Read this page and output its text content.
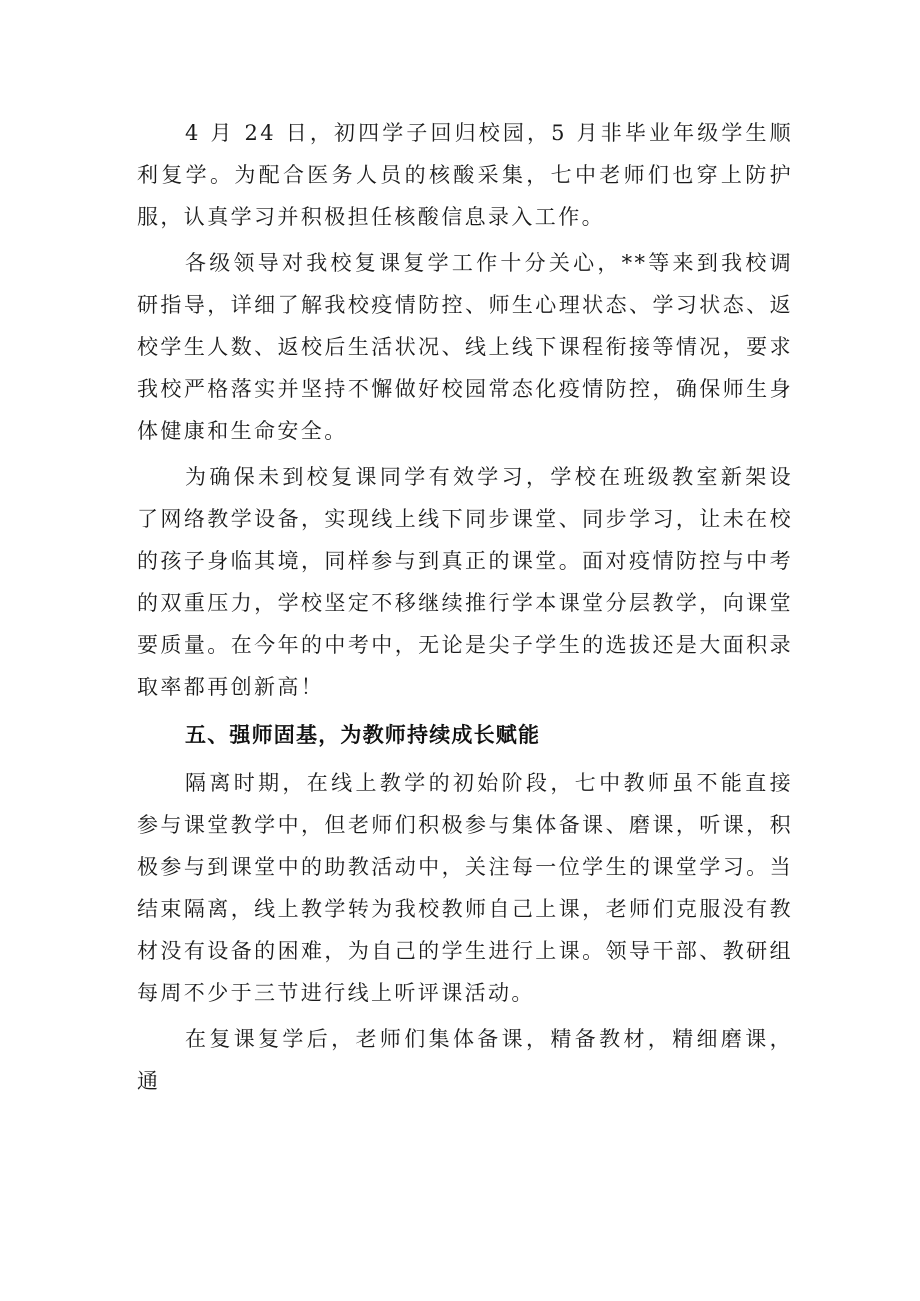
4 月 24 日，初四学子回归校园，5 月非毕业年级学生顺利复学。为配合医务人员的核酸采集，七中老师们也穿上防护服，认真学习并积极担任核酸信息录入工作。

各级领导对我校复课复学工作十分关心，**等来到我校调研指导，详细了解我校疫情防控、师生心理状态、学习状态、返校学生人数、返校后生活状况、线上线下课程衔接等情况，要求我校严格落实并坚持不懈做好校园常态化疫情防控，确保师生身体健康和生命安全。

为确保未到校复课同学有效学习，学校在班级教室新架设了网络教学设备，实现线上线下同步课堂、同步学习，让未在校的孩子身临其境，同样参与到真正的课堂。面对疫情防控与中考的双重压力，学校坚定不移继续推行学本课堂分层教学，向课堂要质量。在今年的中考中，无论是尖子学生的选拔还是大面积录取率都再创新高！

五、强师固基，为教师持续成长赋能

隔离时期，在线上教学的初始阶段，七中教师虽不能直接参与课堂教学中，但老师们积极参与集体备课、磨课，听课，积极参与到课堂中的助教活动中，关注每一位学生的课堂学习。当结束隔离，线上教学转为我校教师自己上课，老师们克服没有教材没有设备的困难，为自己的学生进行上课。领导干部、教研组每周不少于三节进行线上听评课活动。

在复课复学后，老师们集体备课，精备教材，精细磨课，通
